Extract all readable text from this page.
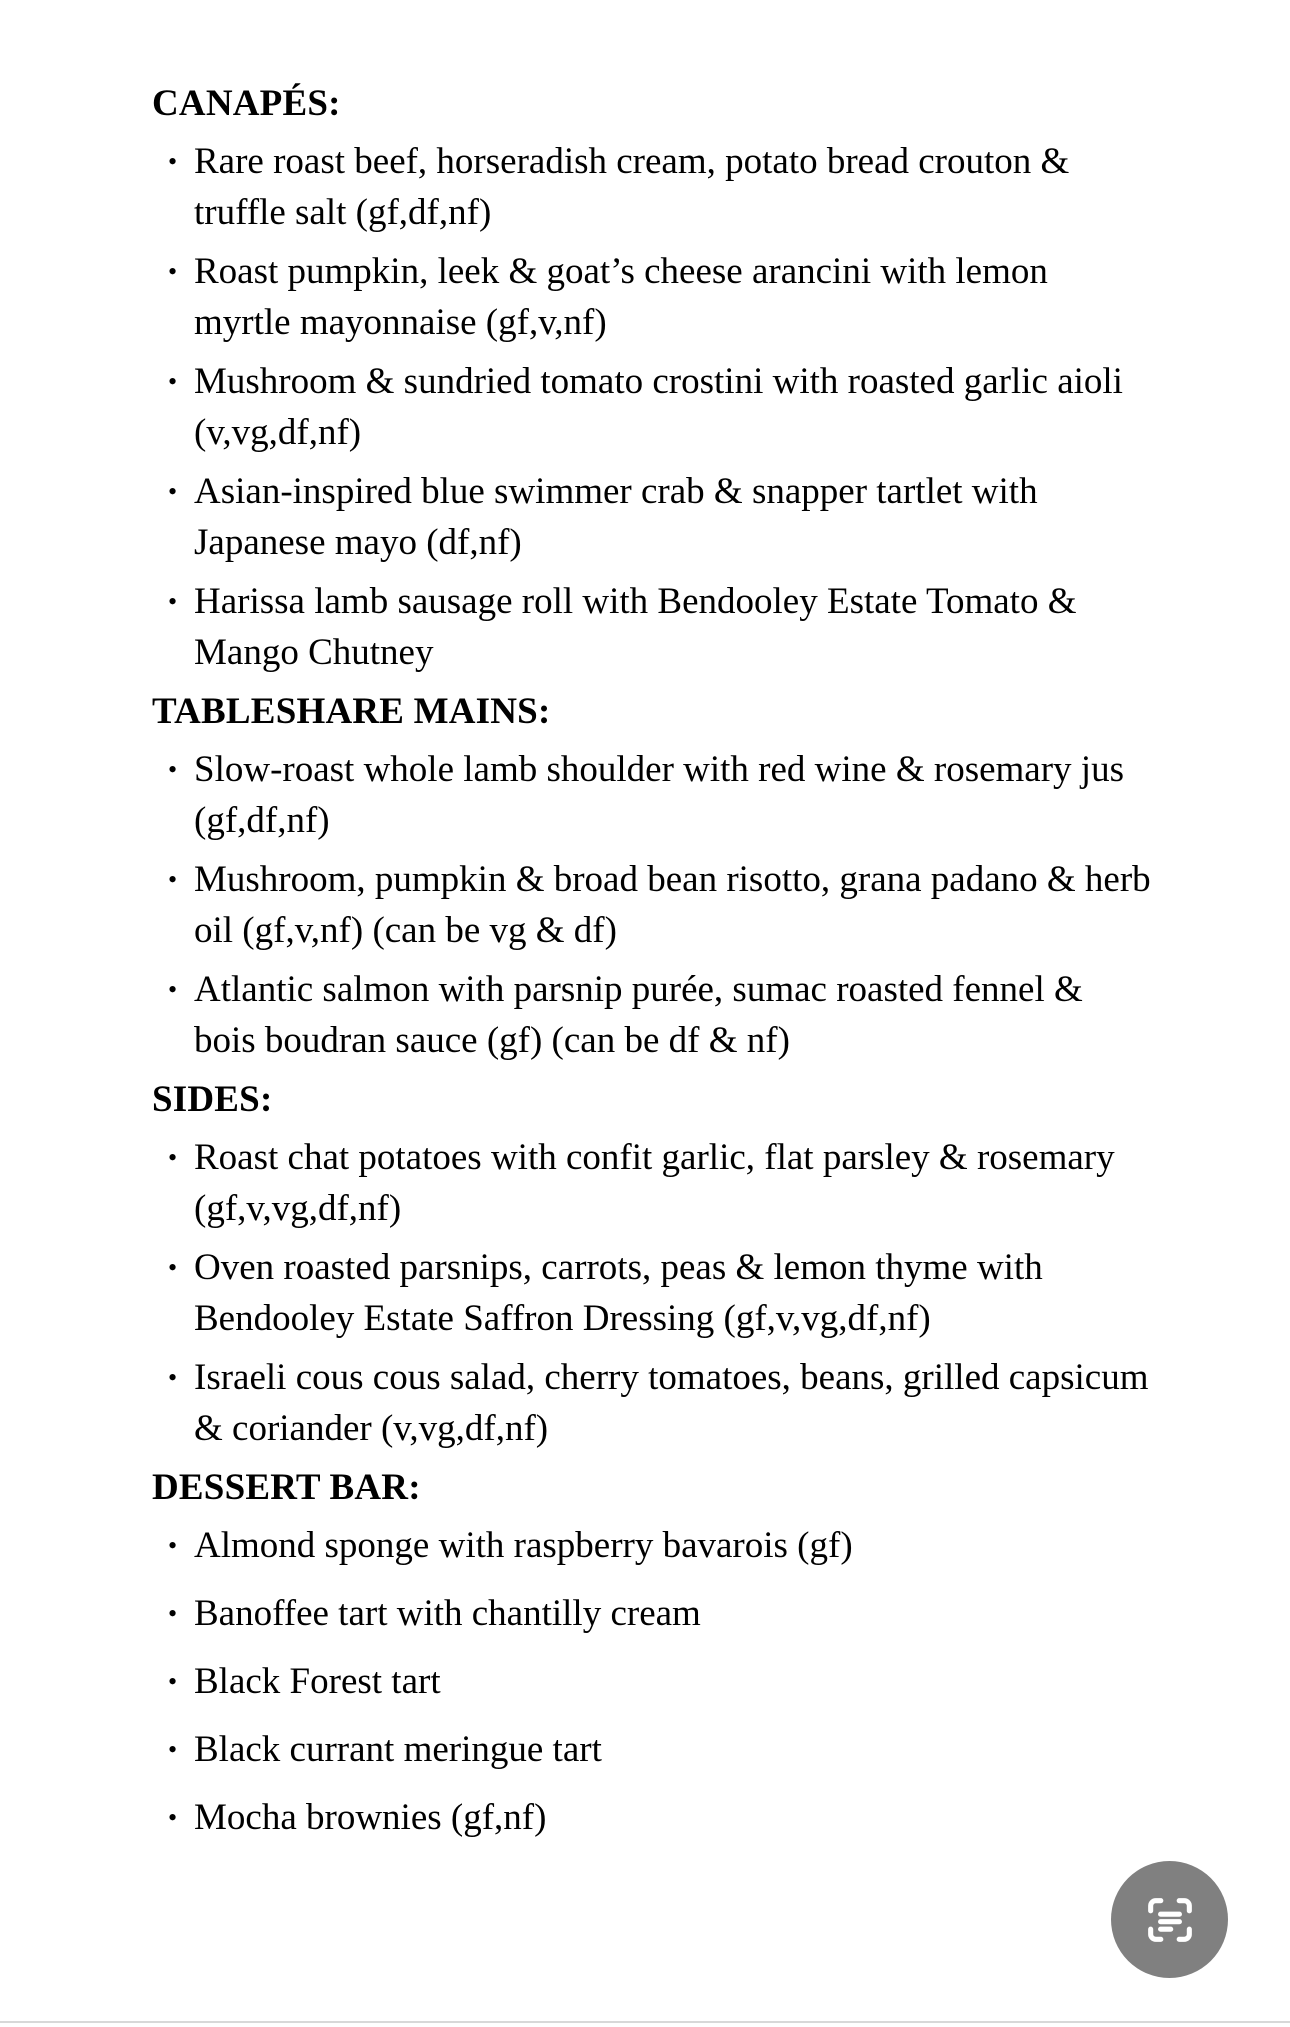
CANAPÉS:
• Rare roast beef, horseradish cream, potato bread crouton & truffle salt (gf,df,nf)
• Roast pumpkin, leek & goat’s cheese arancini with lemon myrtle mayonnaise (gf,v,nf)
• Mushroom & sundried tomato crostini with roasted garlic aioli (v,vg,df,nf)
• Asian-inspired blue swimmer crab & snapper tartlet with Japanese mayo (df,nf)
• Harissa lamb sausage roll with Bendooley Estate Tomato & Mango Chutney
TABLESHARE MAINS:
• Slow-roast whole lamb shoulder with red wine & rosemary jus (gf,df,nf)
• Mushroom, pumpkin & broad bean risotto, grana padano & herb oil (gf,v,nf) (can be vg & df)
• Atlantic salmon with parsnip purée, sumac roasted fennel & bois boudran sauce (gf) (can be df & nf)
SIDES:
• Roast chat potatoes with confit garlic, flat parsley & rosemary (gf,v,vg,df,nf)
• Oven roasted parsnips, carrots, peas & lemon thyme with Bendooley Estate Saffron Dressing (gf,v,vg,df,nf)
• Israeli cous cous salad, cherry tomatoes, beans, grilled capsicum & coriander (v,vg,df,nf)
DESSERT BAR:
• Almond sponge with raspberry bavarois (gf)
• Banoffee tart with chantilly cream
• Black Forest tart
• Black currant meringue tart
• Mocha brownies (gf,nf)
